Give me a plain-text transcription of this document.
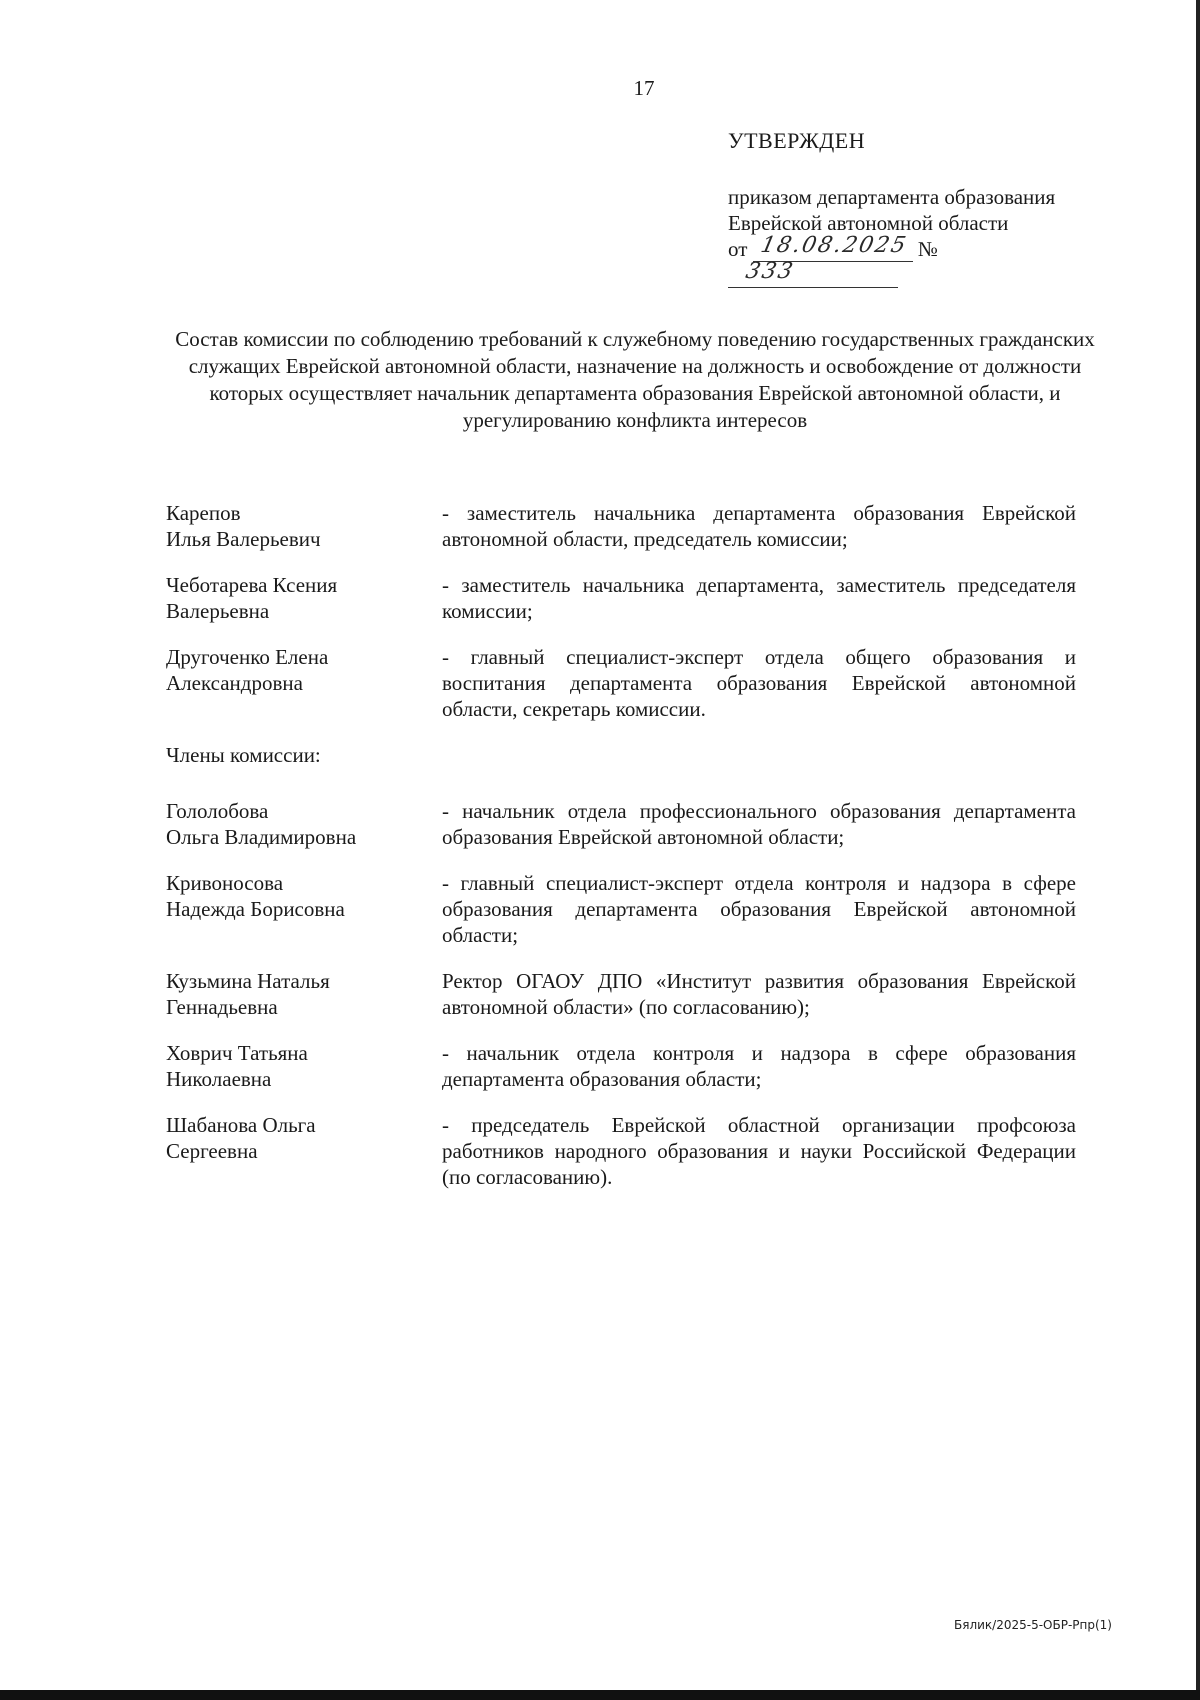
17
УТВЕРЖДЕН
приказом департамента образования
Еврейской автономной области
от 18.08.2025 №
333
Состав комиссии по соблюдению требований к служебному поведению государственных гражданских служащих Еврейской автономной области, назначение на должность и освобождение от должности которых осуществляет начальник департамента образования Еврейской автономной области, и урегулированию конфликта интересов
Карепов
Илья Валерьевич
- заместитель начальника департамента образования Еврейской автономной области, председатель комиссии;
Чеботарева Ксения
Валерьевна
- заместитель начальника департамента, заместитель председателя комиссии;
Другоченко Елена
Александровна
- главный специалист-эксперт отдела общего образования и воспитания департамента образования Еврейской автономной области, секретарь комиссии.
Члены комиссии:
Гололобова
Ольга Владимировна
- начальник отдела профессионального образования департамента образования Еврейской автономной области;
Кривоносова
Надежда Борисовна
- главный специалист-эксперт отдела контроля и надзора в сфере образования департамента образования Еврейской автономной области;
Кузьмина Наталья
Геннадьевна
Ректор ОГАОУ ДПО «Институт развития образования Еврейской автономной области» (по согласованию);
Ховрич Татьяна
Николаевна
- начальник отдела контроля и надзора в сфере образования департамента образования области;
Шабанова Ольга
Сергеевна
- председатель Еврейской областной организации профсоюза работников народного образования и науки Российской Федерации (по согласованию).
Бялик/2025-5-ОБР-Рпр(1)
